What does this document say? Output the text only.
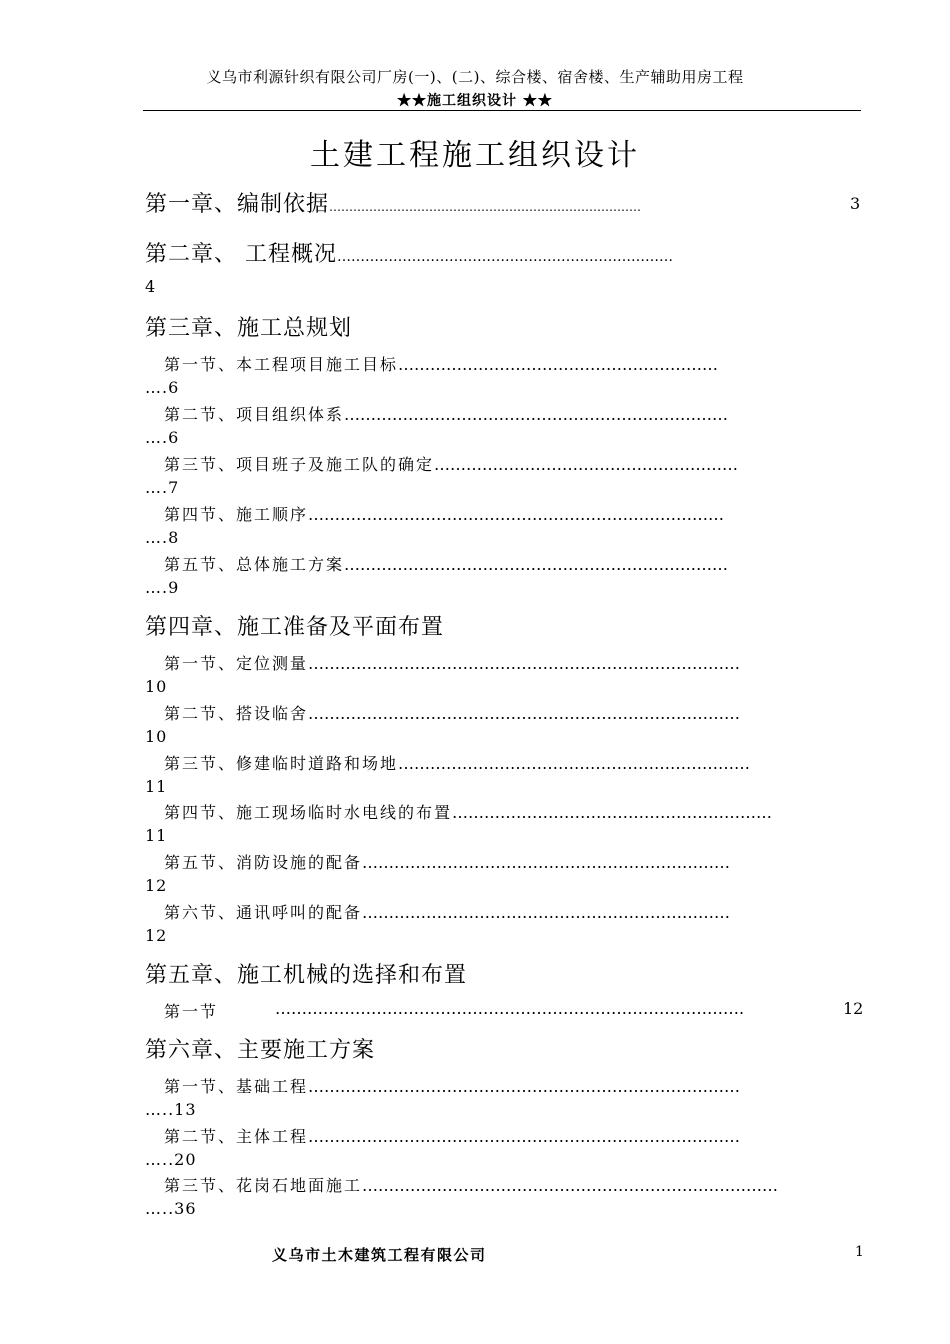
义乌市利源针织有限公司厂房(一)、(二)、综合楼、宿舍楼、生产辅助用房工程
★★施工组织设计 ★★
土建工程施工组织设计
第一章、编制依据……………………………………………………………………	3
第二章、 工程概况………………………………………………………………
4
第三章、施工总规划
第一节、本工程项目施工目标……………………………………………………
….6
第二节、项目组织体系………………………………………………………………
….6
第三节、项目班子及施工队的确定…………………………………………………
….7
第四节、施工顺序……………………………………………………………………
….8
第五节、总体施工方案………………………………………………………………
….9
第四章、施工准备及平面布置
第一节、定位测量………………………………………………………………………
10
第二节、搭设临舍………………………………………………………………………
10
第三节、修建临时道路和场地…………………………………………………………
11
第四节、施工现场临时水电线的布置……………………………………………………
11
第五节、消防设施的配备……………………………………………………………
12
第六节、通讯呼叫的配备……………………………………………………………
12
第五章、施工机械的选择和布置
第一节	…………………………………………………………………………….	12
第六章、主要施工方案
第一节、基础工程………………………………………………………………………
…..13
第二节、主体工程………………………………………………………………………
…..20
第三节、花岗石地面施工……………………………………………………………………
…..36
义乌市土木建筑工程有限公司	1
